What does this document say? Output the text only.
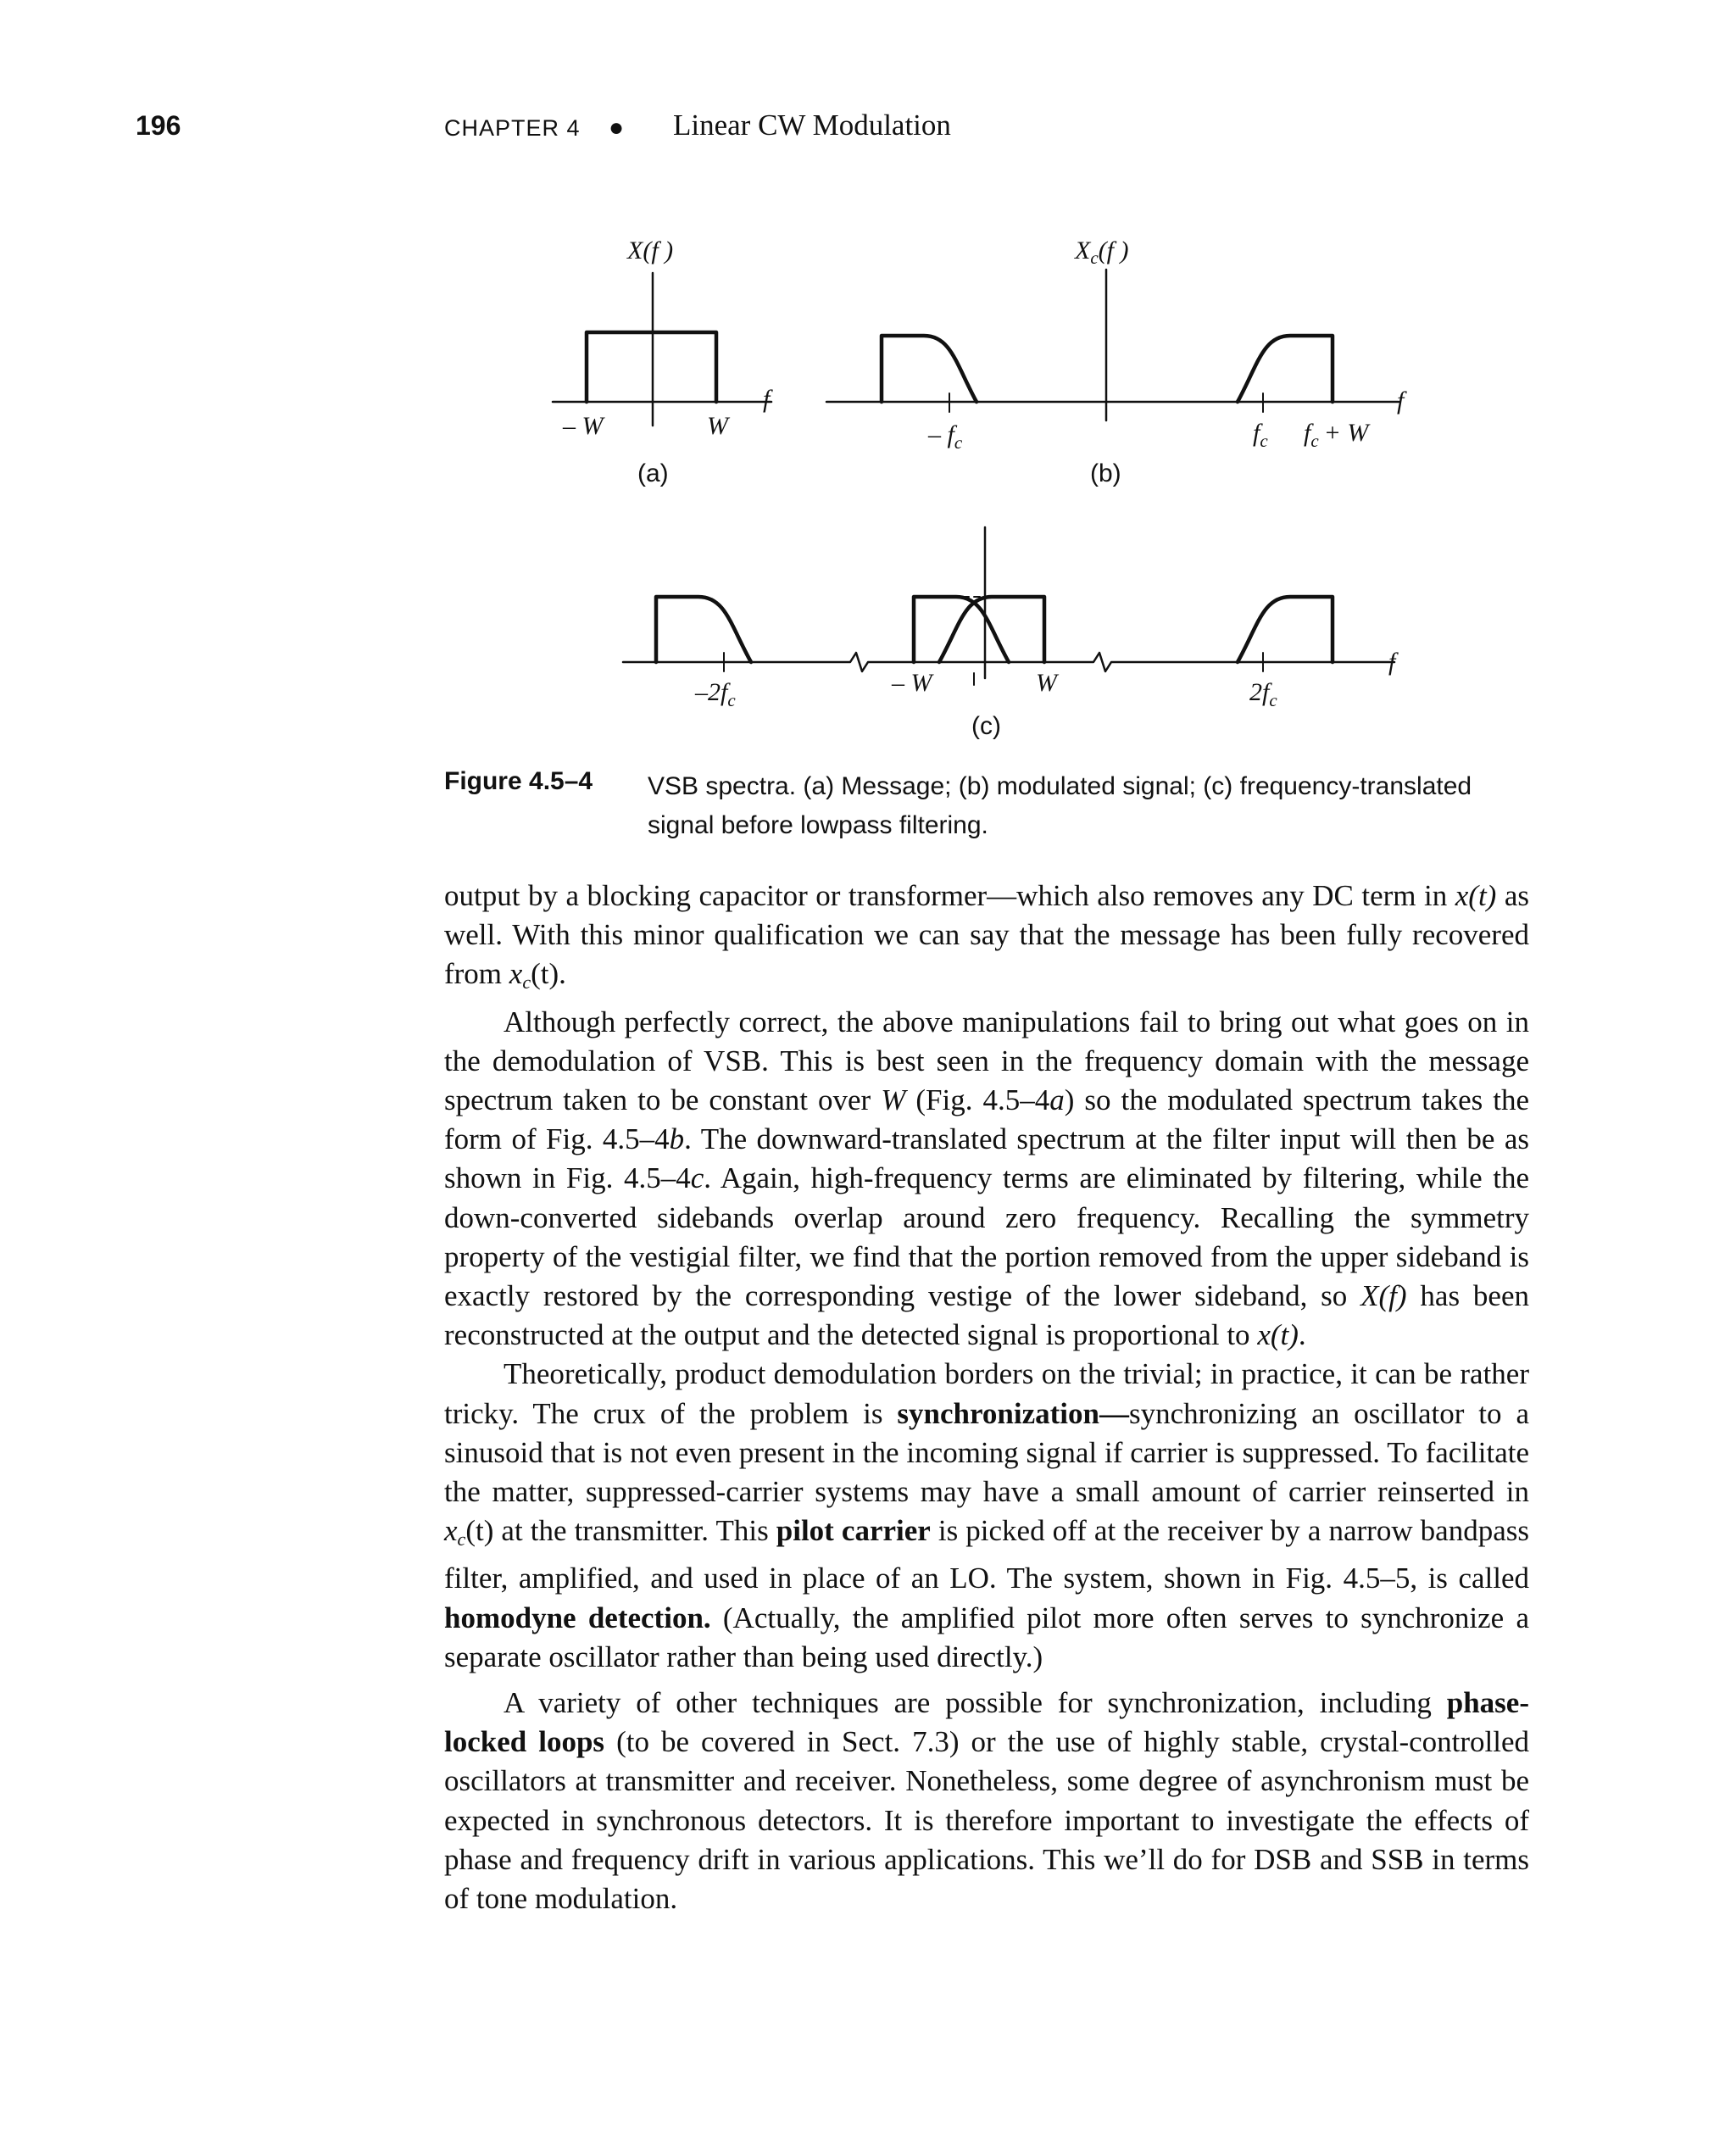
196	CHAPTER 4 ● Linear CW Modulation
X(f )
f
– W	W
(a)
$X_c(f$ )
f
– $f_c$	$f_c$ $f_c + W$
(b)
f
$-2f_c$
– W	W	$2f_c$
(c)
Figure 4.5–4 VSB spectra. (a) Message; (b) modulated signal; (c) frequency-translated signal before lowpass filtering.

output by a blocking capacitor or transformer—which also removes any DC term in x(t) as well. With this minor qualification we can say that the message has been fully recovered from $x_c(t)$.

Although perfectly correct, the above manipulations fail to bring out what goes on in the demodulation of VSB. This is best seen in the frequency domain with the message spectrum taken to be constant over W (Fig. 4.5–4a) so the modulated spectrum takes the form of Fig. 4.5–4b. The downward-translated spectrum at the filter input will then be as shown in Fig. 4.5–4c. Again, high-frequency terms are eliminated by filtering, while the down-converted sidebands overlap around zero frequency. Recalling the symmetry property of the vestigial filter, we find that the portion removed from the upper sideband is exactly restored by the corresponding vestige of the lower sideband, so X(f) has been reconstructed at the output and the detected signal is proportional to x(t).

Theoretically, product demodulation borders on the trivial; in practice, it can be rather tricky. The crux of the problem is synchronization—synchronizing an oscillator to a sinusoid that is not even present in the incoming signal if carrier is suppressed. To facilitate the matter, suppressed-carrier systems may have a small amount of carrier reinserted in $x_c(t)$ at the transmitter. This pilot carrier is picked off at the receiver by a narrow bandpass filter, amplified, and used in place of an LO. The system, shown in Fig. 4.5–5, is called homodyne detection. (Actually, the amplified pilot more often serves to synchronize a separate oscillator rather than being used directly.)

A variety of other techniques are possible for synchronization, including phase-locked loops (to be covered in Sect. 7.3) or the use of highly stable, crystal-controlled oscillators at transmitter and receiver. Nonetheless, some degree of asynchronism must be expected in synchronous detectors. It is therefore important to investigate the effects of phase and frequency drift in various applications. This we’ll do for DSB and SSB in terms of tone modulation.
